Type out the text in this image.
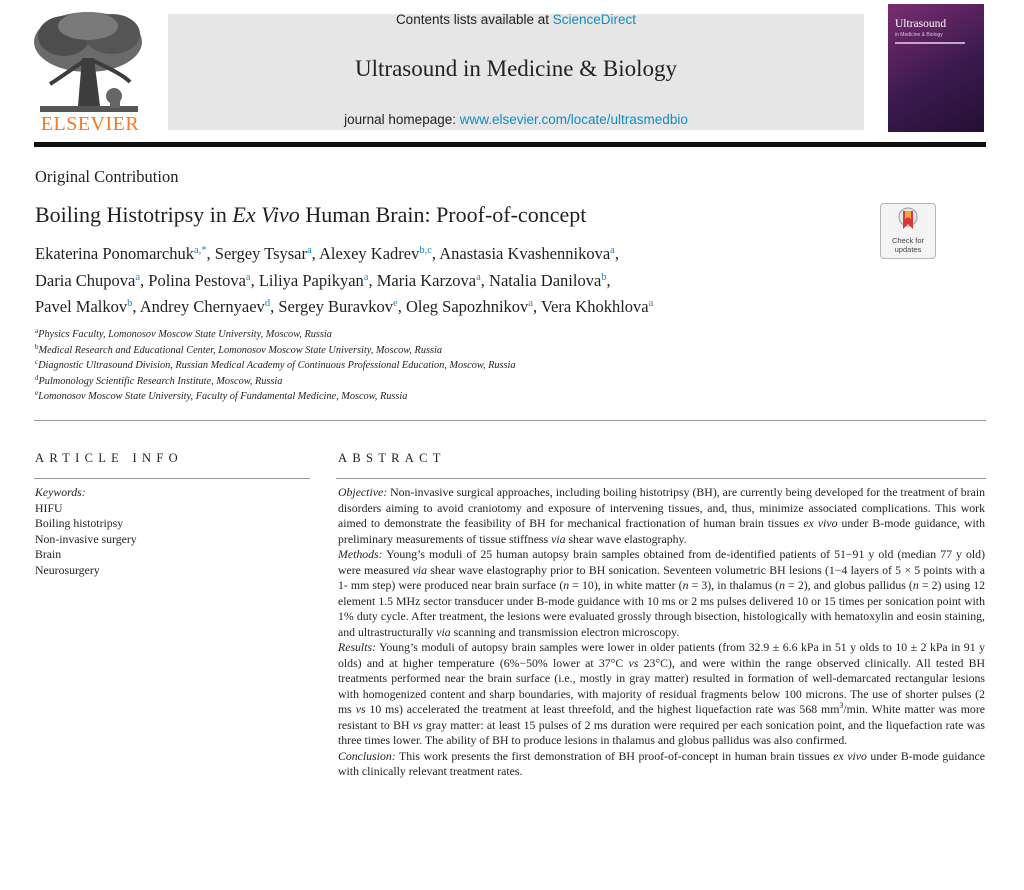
ELSEVIER
Contents lists available at ScienceDirect
Ultrasound in Medicine & Biology
journal homepage: www.elsevier.com/locate/ultrasmedbio
Ultrasound
in Medicine & Biology
Original Contribution
Boiling Histotripsy in Ex Vivo Human Brain: Proof-of-concept
Check for
updates
Ekaterina Ponomarchuk$^{a,*}$, Sergey Tsysar$^a$, Alexey Kadrev$^{b,c}$, Anastasia Kvashennikova$^a$,
Daria Chupova$^a$, Polina Pestova$^a$, Liliya Papikyan$^a$, Maria Karzova$^a$, Natalia Danilova$^b$,
Pavel Malkov$^b$, Andrey Chernyaev$^d$, Sergey Buravkov$^e$, Oleg Sapozhnikov$^a$, Vera Khokhlova$^a$
$^a$Physics Faculty, Lomonosov Moscow State University, Moscow, Russia
$^b$Medical Research and Educational Center, Lomonosov Moscow State University, Moscow, Russia
$^c$Diagnostic Ultrasound Division, Russian Medical Academy of Continuous Professional Education, Moscow, Russia
$^d$Pulmonology Scientific Research Institute, Moscow, Russia
$^e$Lomonosov Moscow State University, Faculty of Fundamental Medicine, Moscow, Russia
ARTICLE INFO	ABSTRACT
Keywords:
HIFU
Boiling histotripsy
Non-invasive surgery
Brain
Neurosurgery

Objective: Non-invasive surgical approaches, including boiling histotripsy (BH), are currently being developed for the treatment of brain disorders aiming to avoid craniotomy and exposure of intervening tissues, and, thus, minimize associated complications. This work aimed to demonstrate the feasibility of BH for mechanical fractionation of human brain tissues ex vivo under B-mode guidance, with preliminary measurements of tissue stiffness via shear wave elastography.

Methods: Young’s moduli of 25 human autopsy brain samples obtained from de-identified patients of 51−91 y old (median 77 y old) were measured via shear wave elastography prior to BH sonication. Seventeen volumetric BH lesions (1−4 layers of 5 × 5 points with a 1- mm step) were produced near brain surface (n = 10), in white matter (n = 3), in thalamus (n = 2), and globus pallidus (n = 2) using 12 element 1.5 MHz sector transducer under B-mode guidance with 10 ms or 2 ms pulses delivered 10 or 15 times per sonication point with 1% duty cycle. After treatment, the lesions were evaluated grossly through bisection, histologically with hematoxylin and eosin staining, and ultrastructurally via scanning and transmission electron microscopy.

Results: Young’s moduli of autopsy brain samples were lower in older patients (from 32.9 ± 6.6 kPa in 51 y olds to 10 ± 2 kPa in 91 y olds) and at higher temperature (6%−50% lower at 37°C vs 23°C), and were within the range observed clinically. All tested BH treatments performed near the brain surface (i.e., mostly in gray matter) resulted in formation of well-demarcated rectangular lesions with homogenized content and sharp boundaries, with majority of residual fragments below 100 microns. The use of shorter pulses (2 ms vs 10 ms) accelerated the treatment at least threefold, and the highest liquefaction rate was 568 $mm^3/\min$. White matter was more resistant to BH vs gray matter: at least 15 pulses of 2 ms duration were required per each sonication point, and the liquefaction rate was three times lower. The ability of BH to produce lesions in thalamus and globus pallidus was also confirmed.

Conclusion: This work presents the first demonstration of BH proof-of-concept in human brain tissues ex vivo under B-mode guidance with clinically relevant treatment rates.
